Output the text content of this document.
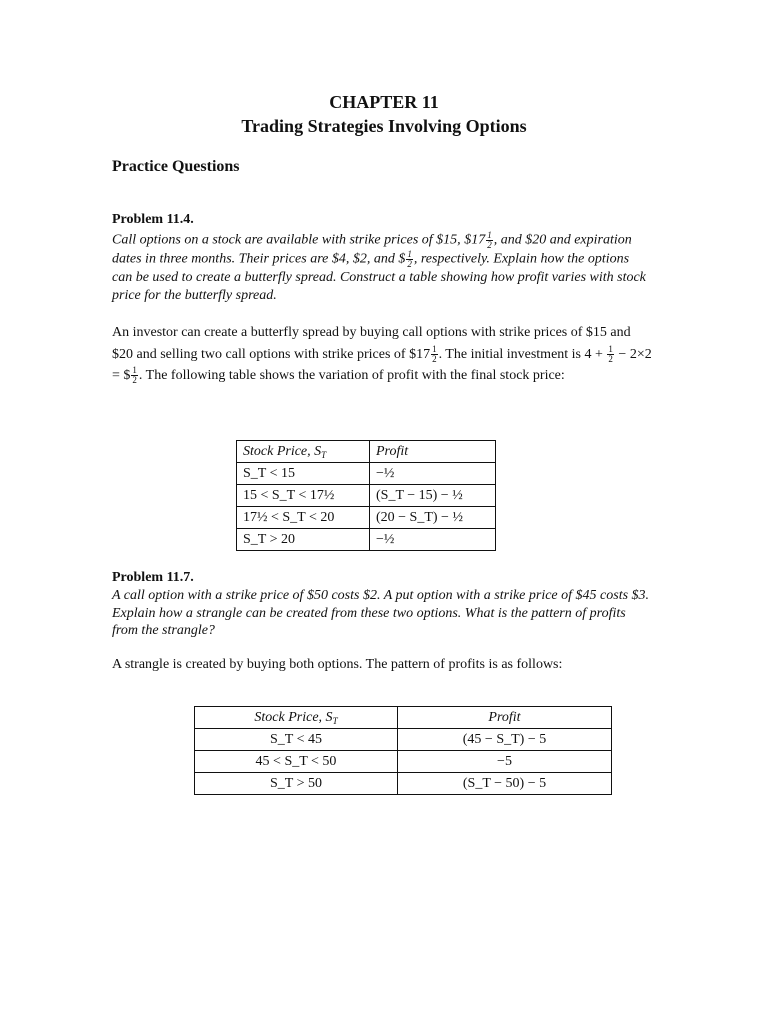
CHAPTER 11
Trading Strategies Involving Options
Practice Questions
Problem 11.4.
Call options on a stock are available with strike prices of $15, $17 $\frac{1}{2}$ , and $20 and expiration dates in three months. Their prices are $4, $2, and $ $\frac{1}{2}$ , respectively. Explain how the options can be used to create a butterfly spread. Construct a table showing how profit varies with stock price for the butterfly spread.
An investor can create a butterfly spread by buying call options with strike prices of $15 and $20 and selling two call options with strike prices of $17 $\frac{1}{2}$ . The initial investment is $4 + \frac{1}{2} - 2\times 2$ = $ $\frac{1}{2}$ . The following table shows the variation of profit with the final stock price:
Stock Price, $S_T$	Profit
S_T < 15	−½
15 < S_T < 17½	(S_T − 15) − ½
17½ < S_T < 20	(20 − S_T) − ½
S_T > 20	−½
Problem 11.7.
A call option with a strike price of $50 costs $2. A put option with a strike price of $45 costs $3. Explain how a strangle can be created from these two options. What is the pattern of profits from the strangle?
A strangle is created by buying both options. The pattern of profits is as follows:
Stock Price, $S_T$	Profit
S_T < 45	(45 − S_T) − 5
45 < S_T < 50	−5
S_T > 50	(S_T − 50) − 5
